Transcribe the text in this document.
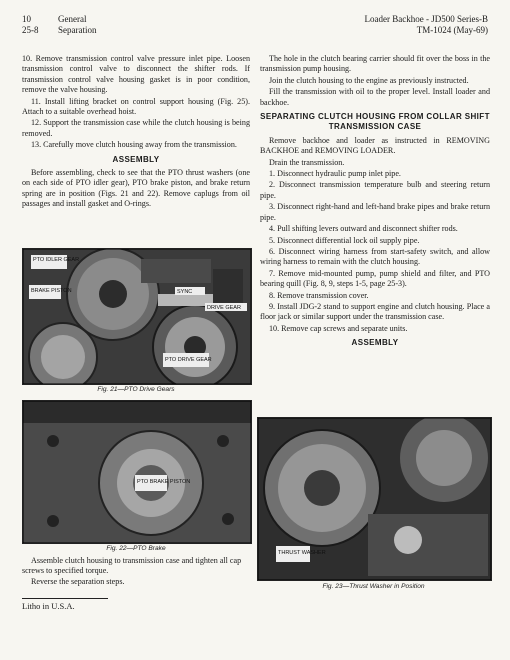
10	General
25-8	Separation
Loader Backhoe - JD500 Series-B
TM-1024 (May-69)

10. Remove transmission control valve pressure inlet pipe. Loosen transmission control valve to disconnect the shifter rods. If transmission control valve housing gasket is in poor condition, remove the valve housing.

11. Install lifting bracket on control support housing (Fig. 25). Attach to a suitable overhead hoist.

12. Support the transmission case while the clutch housing is being removed.

13. Carefully move clutch housing away from the transmission.

ASSEMBLY

Before assembling, check to see that the PTO thrust washers (one on each side of PTO idler gear), PTO brake piston, and brake return spring are in position (Figs. 21 and 22). Remove caplugs from oil passages and install gasket and O-rings.

PTO IDLER GEAR
BRAKE PISTON	SYNC
DRIVE GEAR
PTO DRIVE GEAR
Fig. 21—PTO Drive Gears
PTO BRAKE PISTON
Fig. 22—PTO Brake

Assemble clutch housing to transmission case and tighten all cap screws to specified torque.

Reverse the separation steps.

The hole in the clutch bearing carrier should fit over the boss in the transmission pump housing.

Join the clutch housing to the engine as previously instructed.

Fill the transmission with oil to the proper level. Install loader and backhoe.

SEPARATING CLUTCH HOUSING FROM COLLAR SHIFT TRANSMISSION CASE

Remove backhoe and loader as instructed in REMOVING BACKHOE and REMOVING LOADER.

Drain the transmission.

1. Disconnect hydraulic pump inlet pipe.

2. Disconnect transmission temperature bulb and steering return pipe.

3. Disconnect right-hand and left-hand brake pipes and brake return pipe.

4. Pull shifting levers outward and disconnect shifter rods.

5. Disconnect differential lock oil supply pipe.

6. Disconnect wiring harness from start-safety switch, and allow wiring harness to remain with the clutch housing.

7. Remove mid-mounted pump, pump shield and filter, and PTO bearing quill (Fig. 8, 9, steps 1-5, page 25-3).

8. Remove transmission cover.

9. Install JDG-2 stand to support engine and clutch housing. Place a floor jack or similar support under the transmission case.

10. Remove cap screws and separate units.

ASSEMBLY
THRUST WASHER
Fig. 23—Thrust Washer in Position
Litho in U.S.A.
